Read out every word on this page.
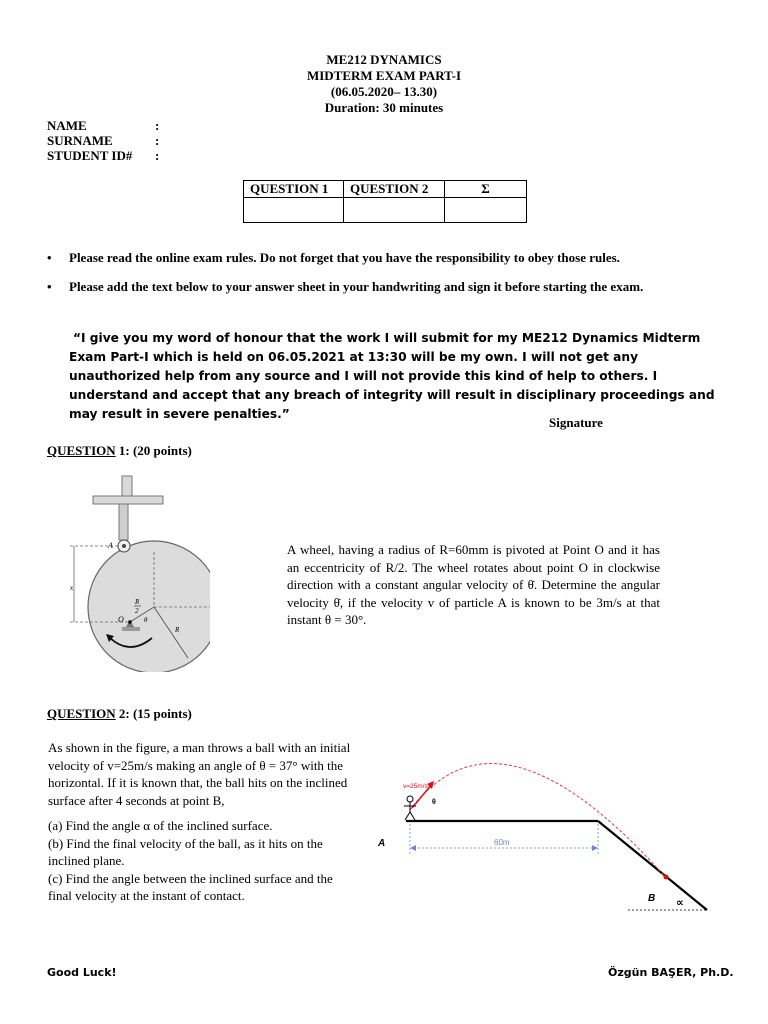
ME212 DYNAMICS
MIDTERM EXAM PART-I
(06.05.2020– 13.30)
Duration: 30 minutes
NAME	:
SURNAME	:
STUDENT ID# :
QUESTION 1	QUESTION 2	Σ

• Please read the online exam rules. Do not forget that you have the responsibility to obey those rules.
• Please add the text below to your answer sheet in your handwriting and sign it before starting the exam.
“I give you my word of honour that the work I will submit for my ME212 Dynamics Midterm Exam Part-I which is held on 06.05.2021 at 13:30 will be my own. I will not get any unauthorized help from any source and I will not provide this kind of help to others. I understand and accept that any breach of integrity will result in disciplinary proceedings and may result in severe penalties.”
Signature
QUESTION 1: (20 points)
A
x
R
2
R
O	θ
A wheel, having a radius of R=60mm is pivoted at Point O and it has an eccentricity of R/2. The wheel rotates about point O in clockwise direction with a constant angular velocity of θ̇. Determine the angular velocity θ̇, if the velocity v of particle A is known to be 3m/s at that instant θ = 30°.
QUESTION 2: (15 points)
As shown in the figure, a man throws a ball with an initial velocity of v=25m/s making an angle of θ = 37° with the horizontal. If it is known that, the ball hits on the inclined surface after 4 seconds at point B,
(a) Find the angle α of the inclined surface.
(b) Find the final velocity of the ball, as it hits on the inclined plane.
(c) Find the angle between the inclined surface and the final velocity at the instant of contact.
v=25m/s
θ
A	60m
B ∝
Good Luck!	Özgün BAŞER, Ph.D.
